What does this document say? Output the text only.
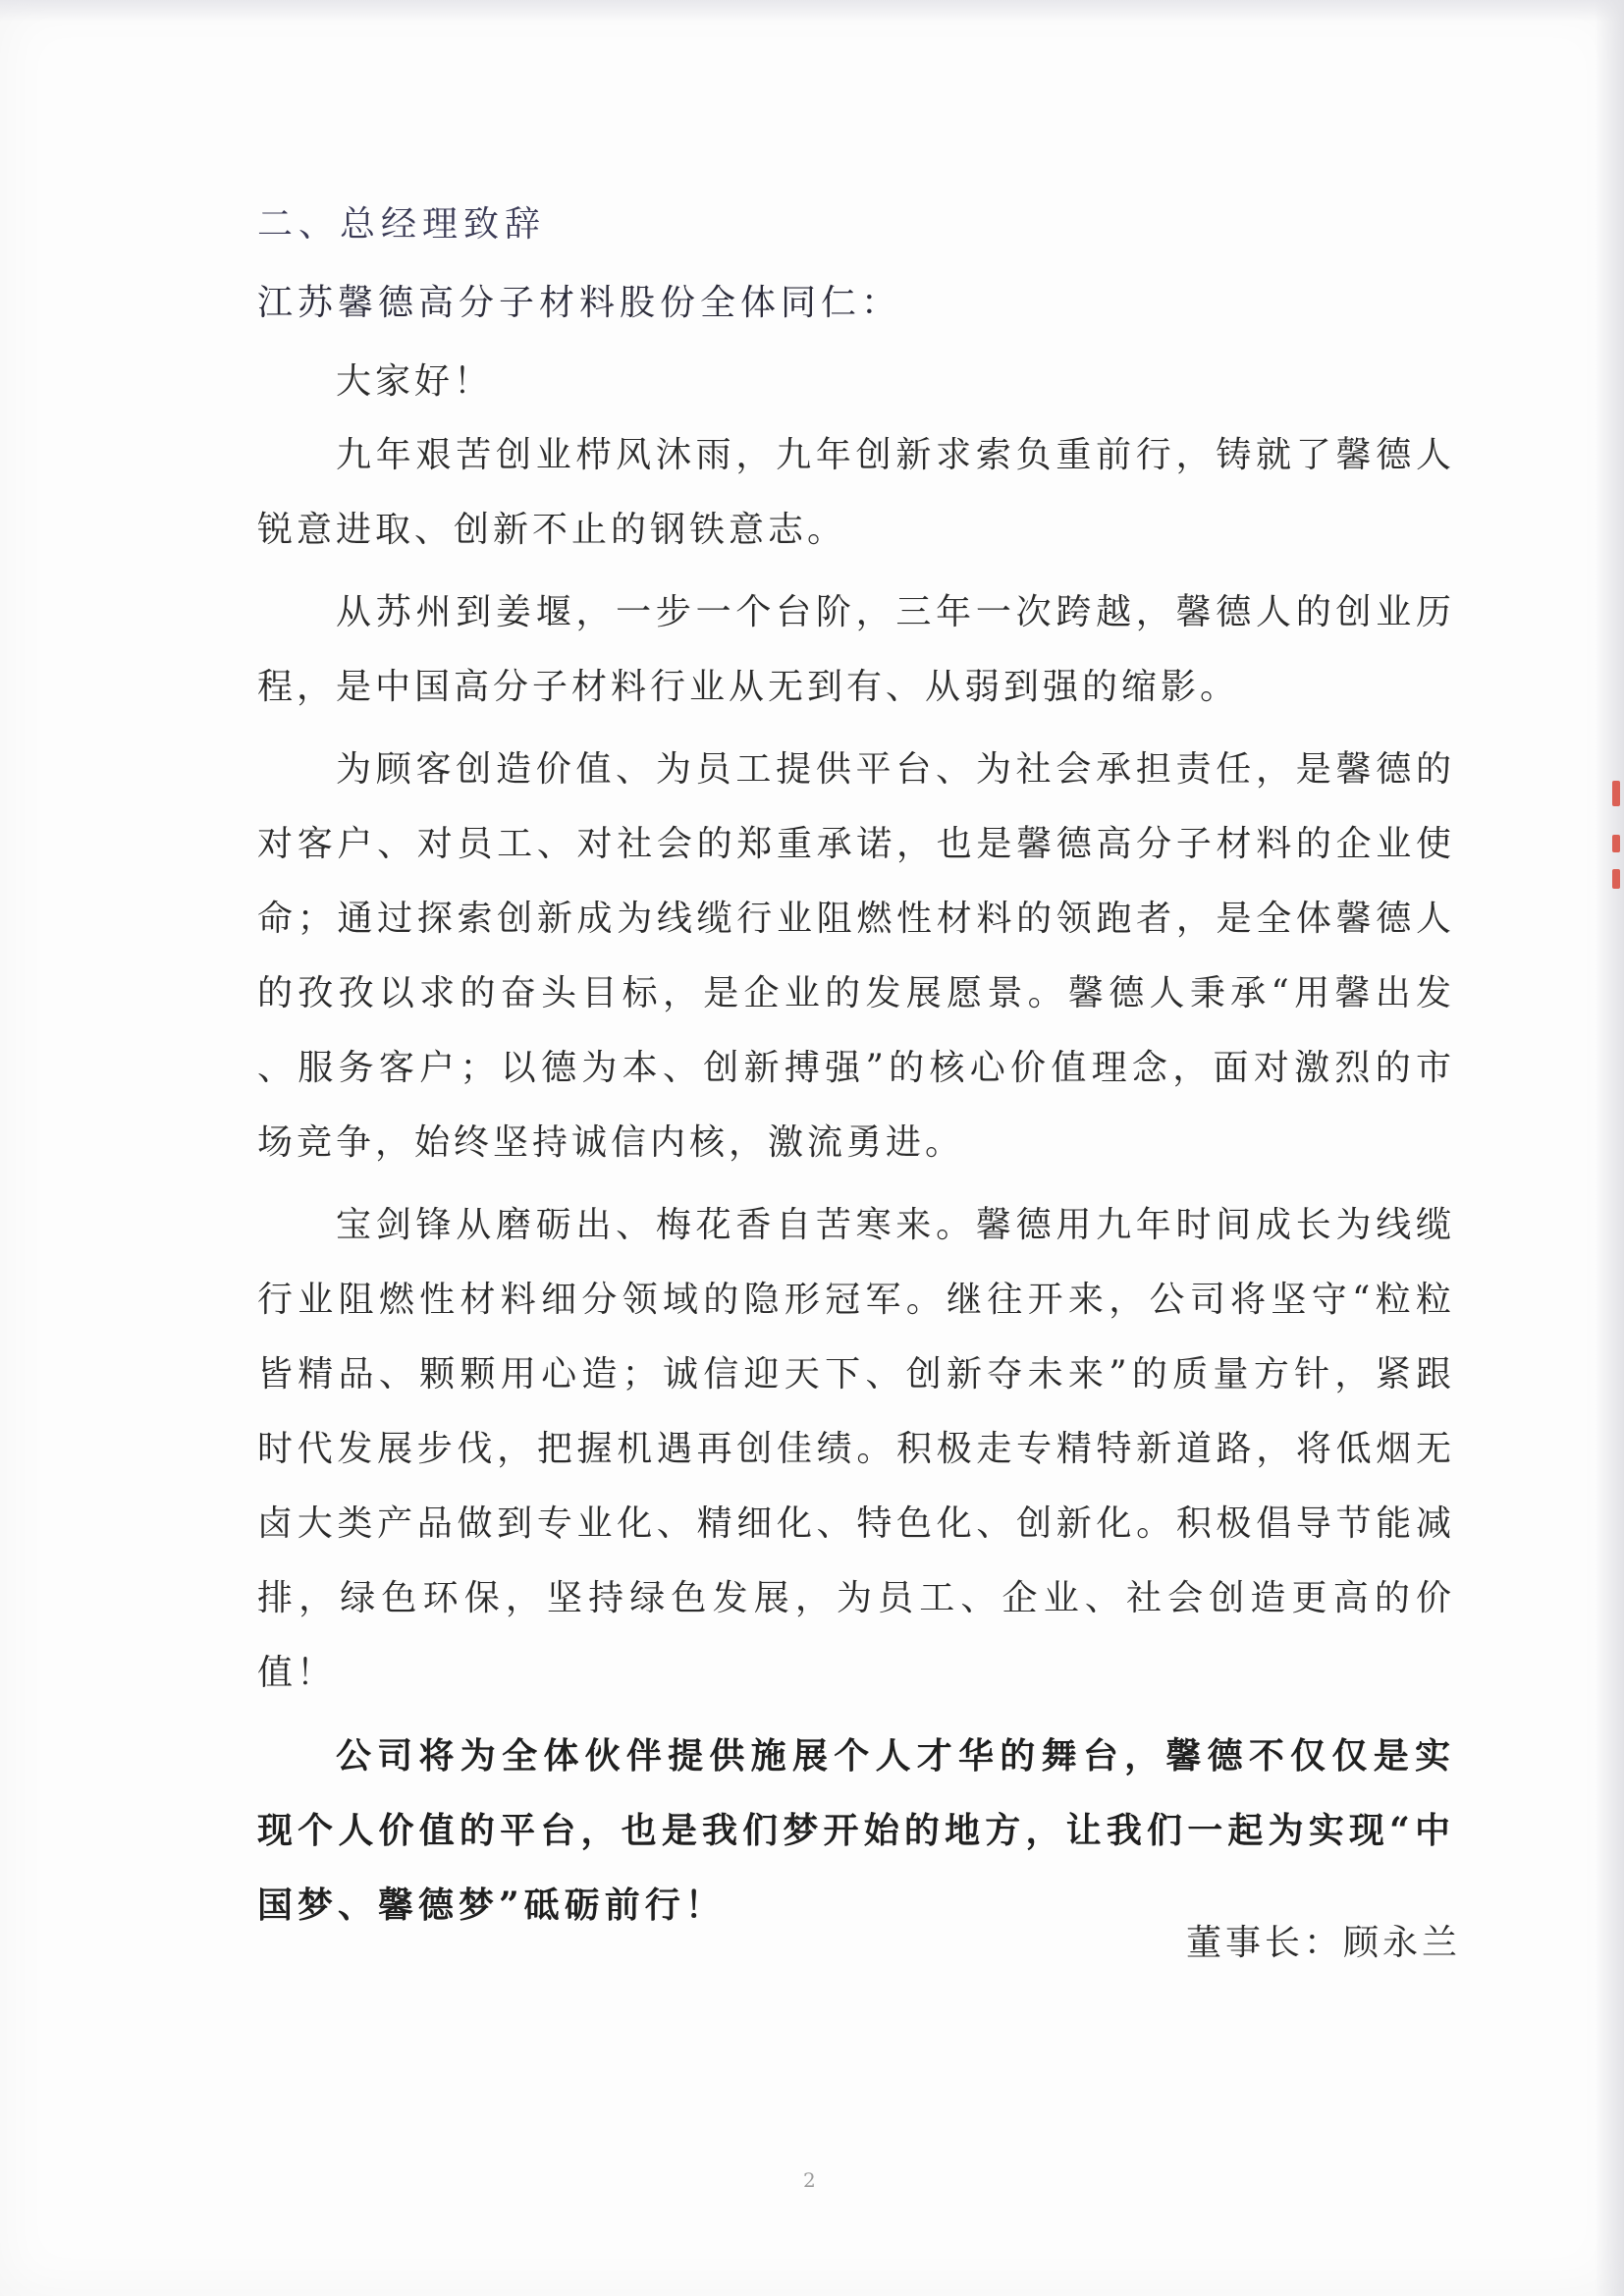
二、总经理致辞

江苏馨德高分子材料股份全体同仁：

大家好！

九年艰苦创业栉风沐雨，九年创新求索负重前行，铸就了馨德人锐意进取、创新不止的钢铁意志。

从苏州到姜堰，一步一个台阶，三年一次跨越，馨德人的创业历程，是中国高分子材料行业从无到有、从弱到强的缩影。

为顾客创造价值、为员工提供平台、为社会承担责任，是馨德的对客户、对员工、对社会的郑重承诺，也是馨德高分子材料的企业使命；通过探索创新成为线缆行业阻燃性材料的领跑者，是全体馨德人的孜孜以求的奋头目标，是企业的发展愿景。馨德人秉承“用馨出发 、服务客户；以德为本、创新搏强”的核心价值理念，面对激烈的市场竞争，始终坚持诚信内核，激流勇进。

宝剑锋从磨砺出、梅花香自苦寒来。馨德用九年时间成长为线缆行业阻燃性材料细分领域的隐形冠军。继往开来，公司将坚守“粒粒皆精品、颗颗用心造；诚信迎天下、创新夺未来”的质量方针，紧跟时代发展步伐，把握机遇再创佳绩。积极走专精特新道路，将低烟无卤大类产品做到专业化、精细化、特色化、创新化。积极倡导节能减排，绿色环保，坚持绿色发展，为员工、企业、社会创造更高的价值！

公司将为全体伙伴提供施展个人才华的舞台，馨德不仅仅是实现个人价值的平台，也是我们梦开始的地方，让我们一起为实现“中国梦、馨德梦”砥砺前行！

董事长：顾永兰
2
